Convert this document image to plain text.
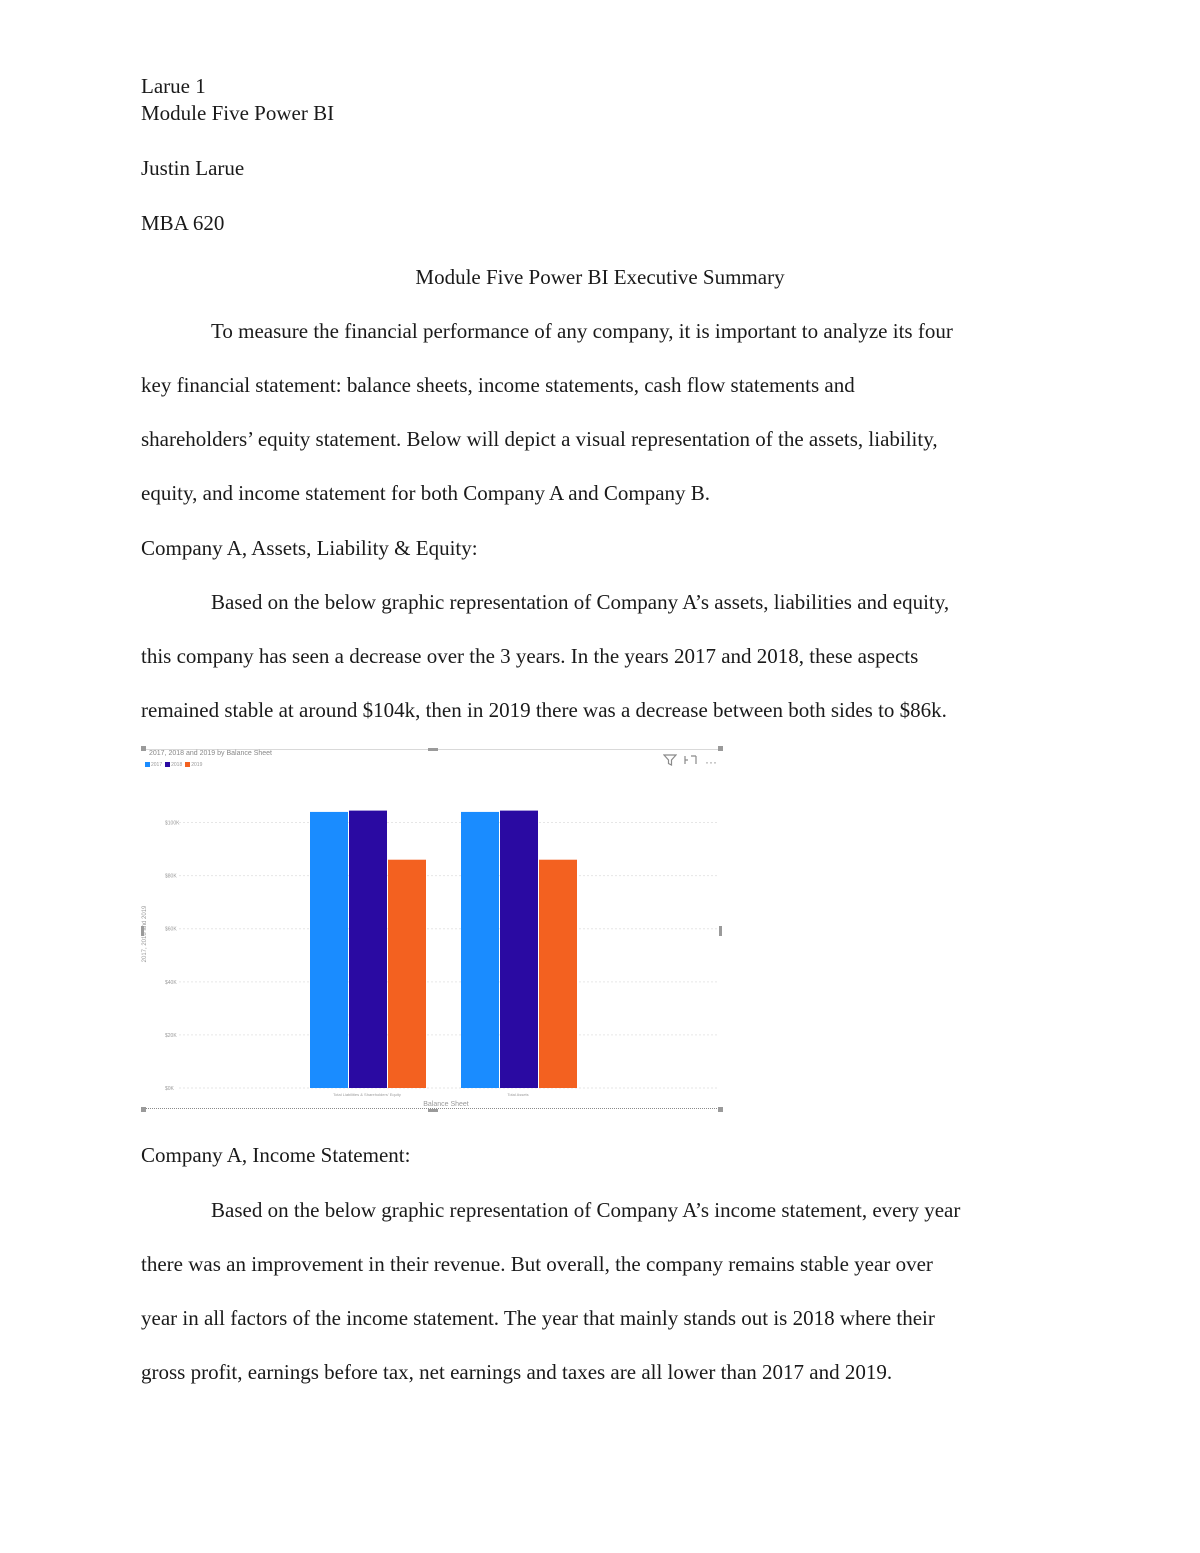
Larue 1
Module Five Power BI
Justin Larue
MBA 620
Module Five Power BI Executive Summary
To measure the financial performance of any company, it is important to analyze its four
key financial statement: balance sheets, income statements, cash flow statements and
shareholders’ equity statement. Below will depict a visual representation of the assets, liability,
equity, and income statement for both Company A and Company B.
Company A, Assets, Liability & Equity:
Based on the below graphic representation of Company A’s assets, liabilities and equity,
this company has seen a decrease over the 3 years. In the years 2017 and 2018, these aspects
remained stable at around $104k, then in 2019 there was a decrease between both sides to $86k.
2017, 2018 and 2019 by Balance Sheet
2017	2018	2019	···
$0K
$20K
$40K
$60K
$80K
$100K
Total Liabilities & Shareholders' Equity	Total Assets
2017, 2018 and 2019
Balance Sheet
Company A, Income Statement:
Based on the below graphic representation of Company A’s income statement, every year
there was an improvement in their revenue. But overall, the company remains stable year over
year in all factors of the income statement. The year that mainly stands out is 2018 where their
gross profit, earnings before tax, net earnings and taxes are all lower than 2017 and 2019.
